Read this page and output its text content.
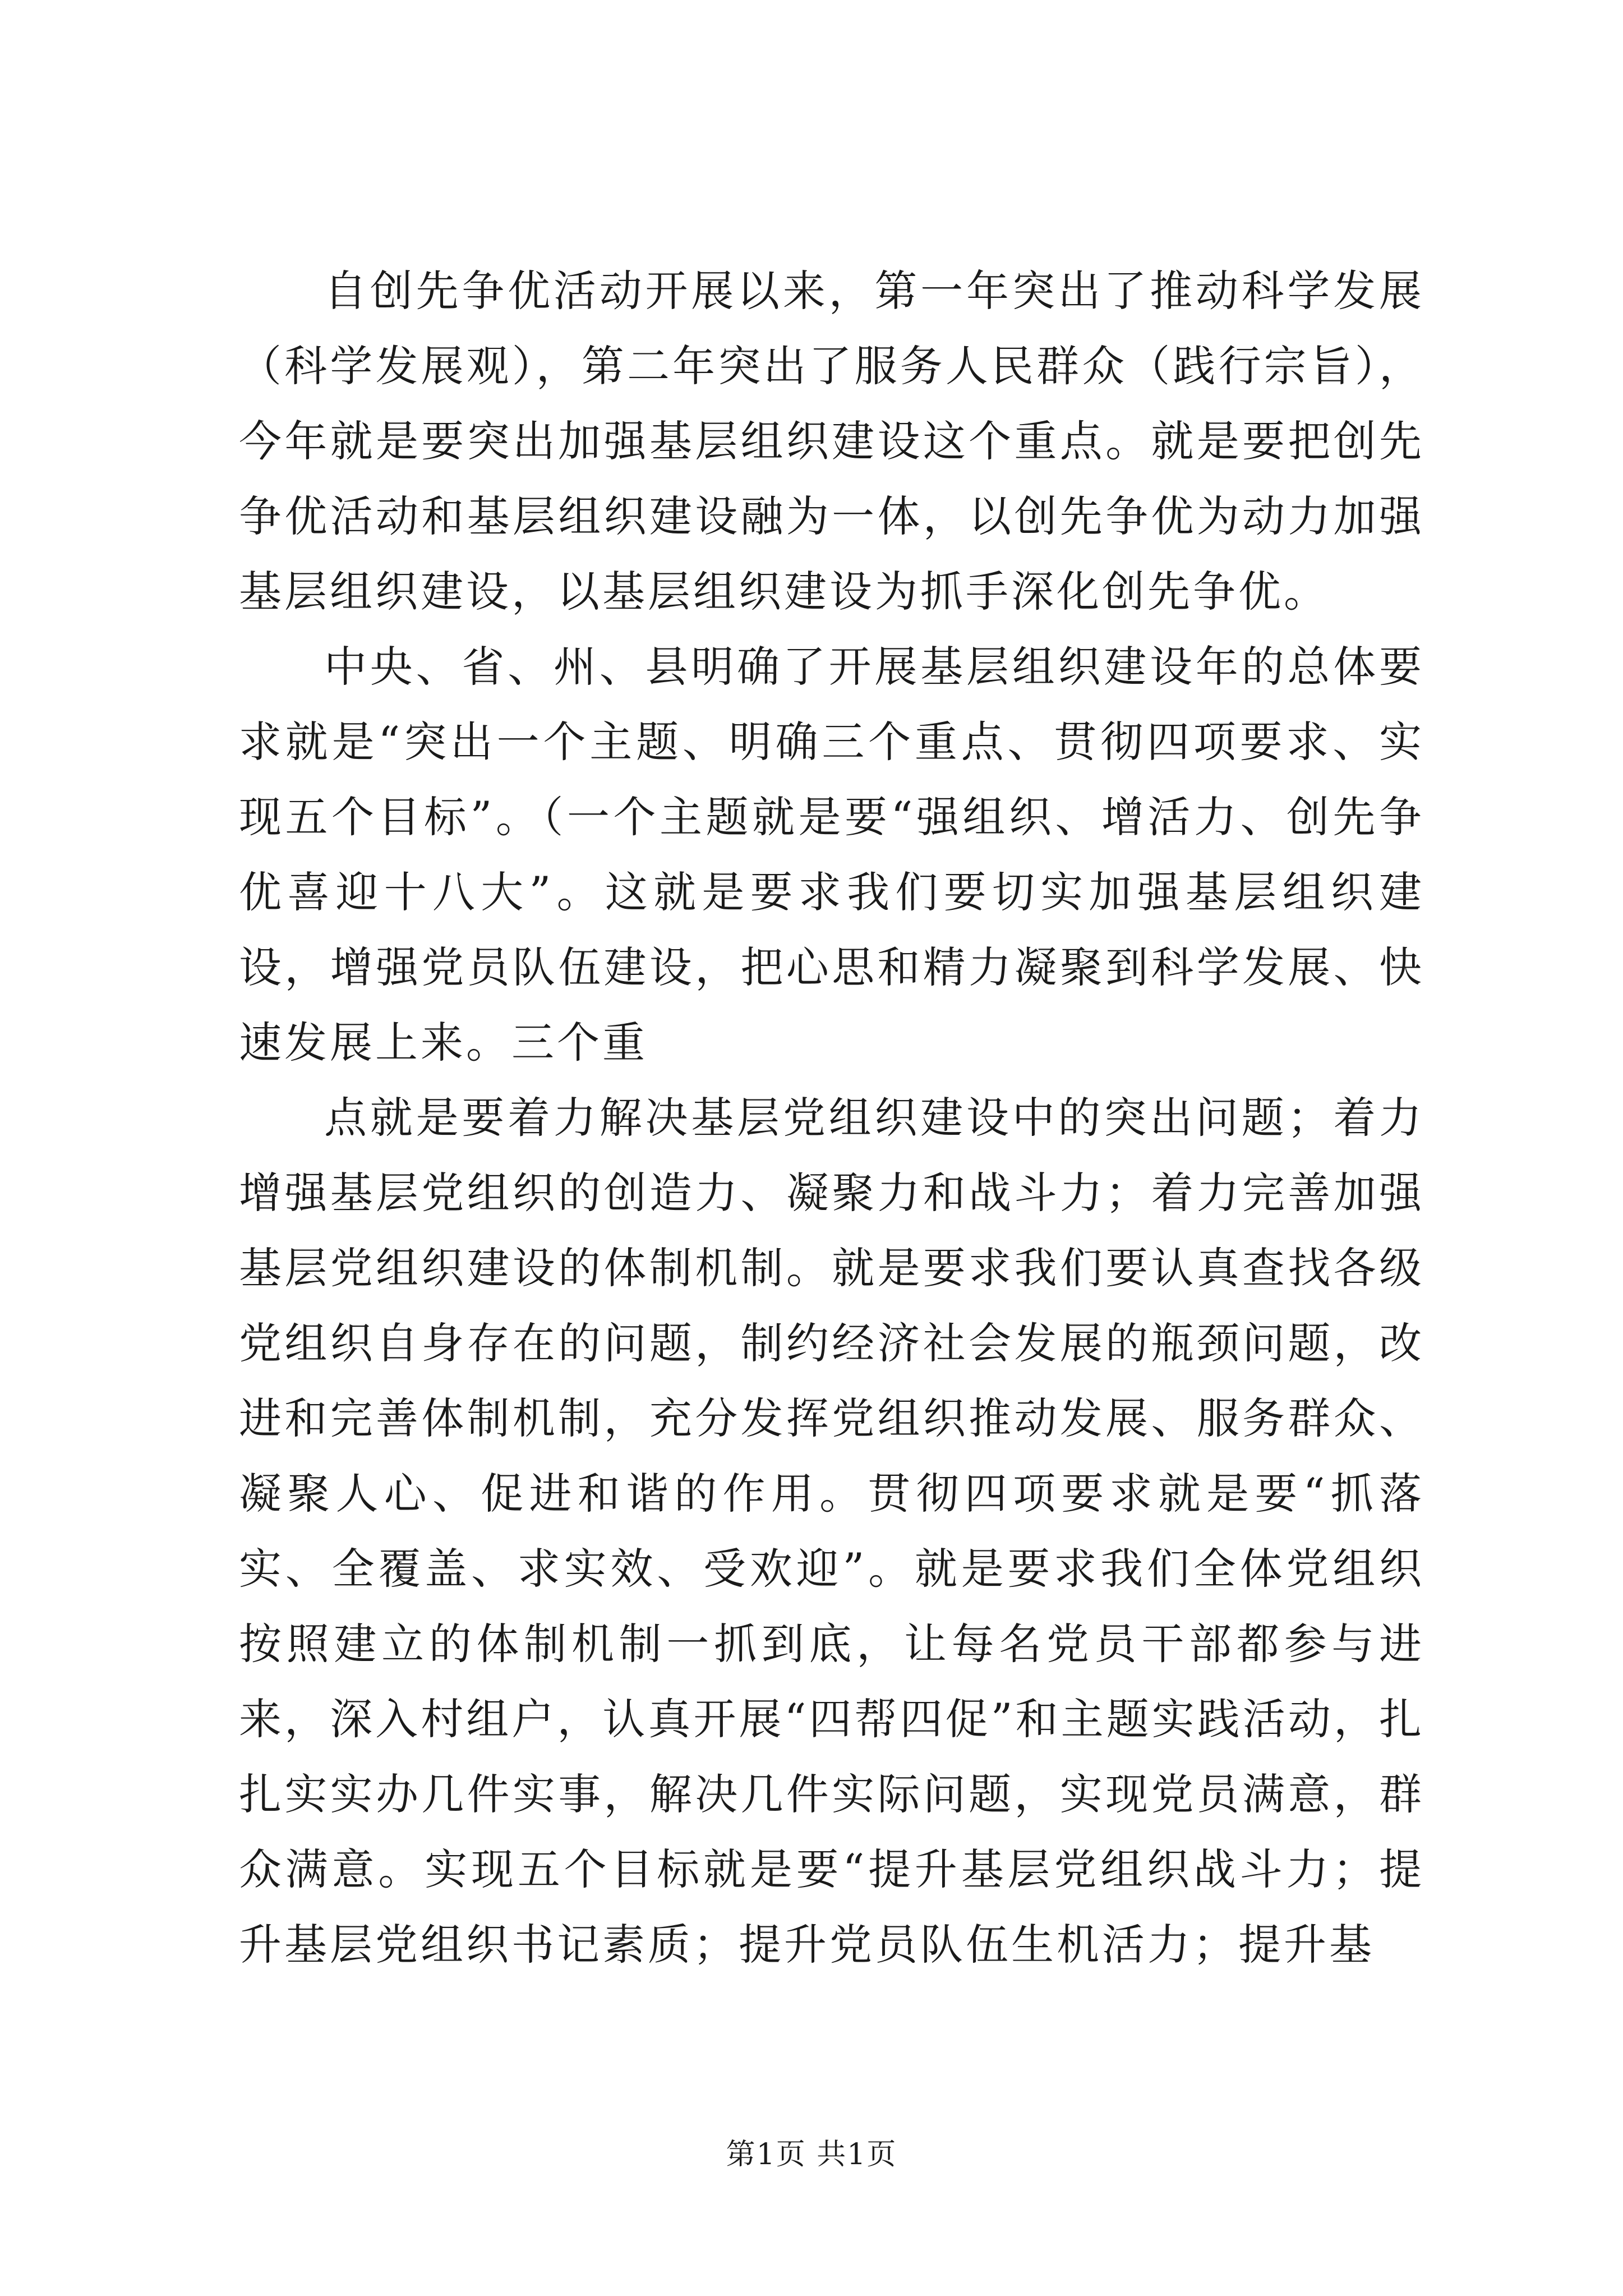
自创先争优活动开展以来，第一年突出了推动科学发展（科学发展观），第二年突出了服务人民群众（践行宗旨），今年就是要突出加强基层组织建设这个重点。就是要把创先争优活动和基层组织建设融为一体，以创先争优为动力加强基层组织建设，以基层组织建设为抓手深化创先争优。

中央、省、州、县明确了开展基层组织建设年的总体要求就是“突出一个主题、明确三个重点、贯彻四项要求、实现五个目标”。（一个主题就是要“强组织、增活力、创先争优喜迎十八大”。这就是要求我们要切实加强基层组织建设，增强党员队伍建设，把心思和精力凝聚到科学发展、快速发展上来。三个重

点就是要着力解决基层党组织建设中的突出问题；着力增强基层党组织的创造力、凝聚力和战斗力；着力完善加强基层党组织建设的体制机制。就是要求我们要认真查找各级党组织自身存在的问题，制约经济社会发展的瓶颈问题，改进和完善体制机制，充分发挥党组织推动发展、服务群众、凝聚人心、促进和谐的作用。贯彻四项要求就是要“抓落实、全覆盖、求实效、受欢迎”。就是要求我们全体党组织按照建立的体制机制一抓到底，让每名党员干部都参与进来，深入村组户，认真开展“四帮四促”和主题实践活动，扎扎实实办几件实事，解决几件实际问题，实现党员满意，群众满意。实现五个目标就是要“提升基层党组织战斗力；提升基层党组织书记素质；提升党员队伍生机活力；提升基

第1页 共1页
